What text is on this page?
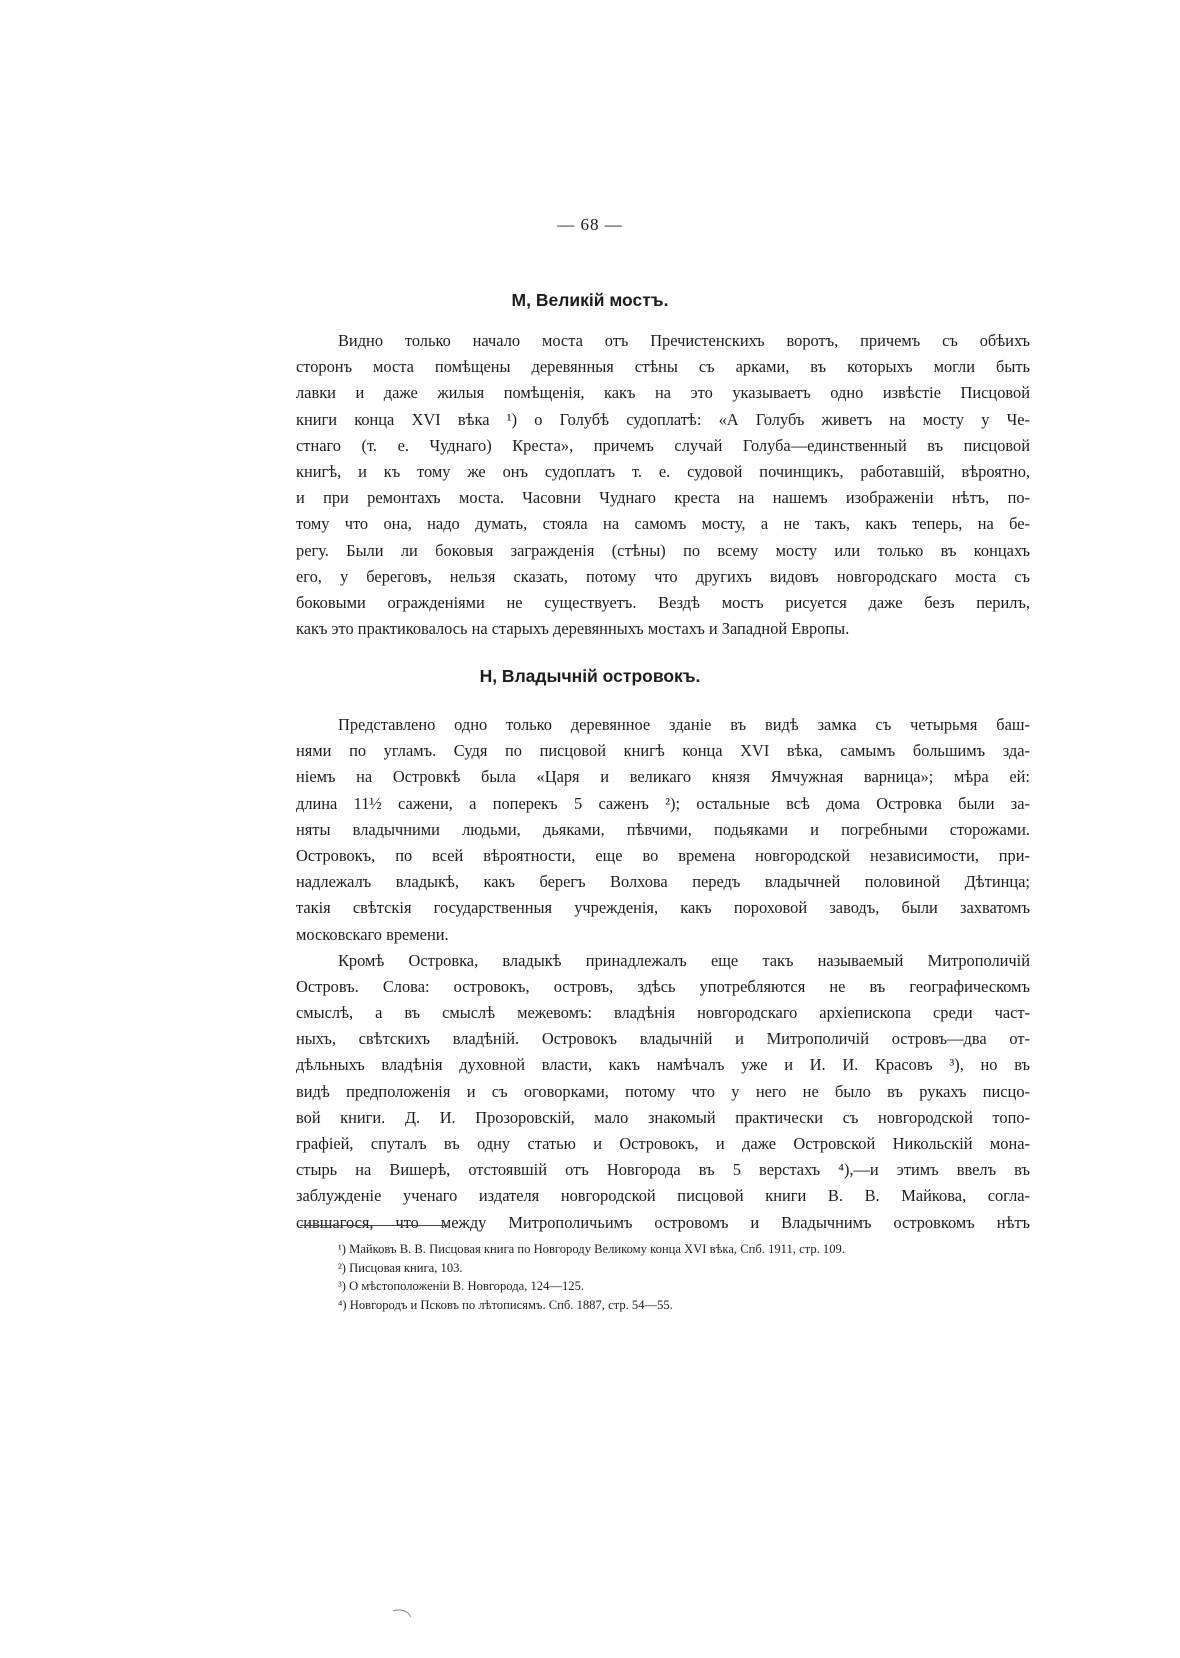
— 68 —
М, Великій мостъ.
Видно только начало моста отъ Пречистенскихъ воротъ, причемъ съ обѣихъ
сторонъ моста помѣщены деревянныя стѣны съ арками, въ которыхъ могли быть
лавки и даже жилыя помѣщенія, какъ на это указываетъ одно извѣстіе Писцовой
книги конца XVI вѣка ¹) о Голубѣ судоплатѣ: «А Голубъ живетъ на мосту у Че-
стнаго (т. е. Чуднаго) Креста», причемъ случай Голуба—единственный въ писцовой
книгѣ, и къ тому же онъ судоплатъ т. е. судовой починщикъ, работавшій, вѣроятно,
и при ремонтахъ моста. Часовни Чуднаго креста на нашемъ изображеніи нѣтъ, по-
тому что она, надо думать, стояла на самомъ мосту, а не такъ, какъ теперь, на бе-
регу. Были ли боковыя загражденія (стѣны) по всему мосту или только въ концахъ
его, у береговъ, нельзя сказать, потому что другихъ видовъ новгородскаго моста съ
боковыми огражденіями не существуетъ. Вездѣ мостъ рисуется даже безъ перилъ,
какъ это практиковалось на старыхъ деревянныхъ мостахъ и Западной Европы.
Н, Владычній островокъ.
Представлено одно только деревянное зданіе въ видѣ замка съ четырьмя баш-
нями по угламъ. Судя по писцовой книгѣ конца XVI вѣка, самымъ большимъ зда-
ніемъ на Островкѣ была «Царя и великаго князя Ямчужная варница»; мѣра ей:
длина 11½ сажени, а поперекъ 5 саженъ ²); остальные всѣ дома Островка были за-
няты владычними людьми, дьяками, пѣвчими, подьяками и погребными сторожами.
Островокъ, по всей вѣроятности, еще во времена новгородской независимости, при-
надлежалъ владыкѣ, какъ берегъ Волхова передъ владычней половиной Дѣтинца;
такія свѣтскія государственныя учрежденія, какъ пороховой заводъ, были захватомъ
московскаго времени.
Кромѣ Островка, владыкѣ принадлежалъ еще такъ называемый Митрополичій
Островъ. Слова: островокъ, островъ, здѣсь употребляются не въ географическомъ
смыслѣ, а въ смыслѣ межевомъ: владѣнія новгородскаго архіепископа среди част-
ныхъ, свѣтскихъ владѣній. Островокъ владычній и Митрополичій островъ—два от-
дѣльныхъ владѣнія духовной власти, какъ намѣчалъ уже и И. И. Красовъ ³), но въ
видѣ предположенія и съ оговорками, потому что у него не было въ рукахъ писцо-
вой книги. Д. И. Прозоровскій, мало знакомый практически съ новгородской топо-
графіей, спуталъ въ одну статью и Островокъ, и даже Островской Никольскій мона-
стырь на Вишерѣ, отстоявшій отъ Новгорода въ 5 верстахъ ⁴),—и этимъ ввелъ въ
заблужденіе ученаго издателя новгородской писцовой книги В. В. Майкова, согла-
сившагося, что между Митрополичьимъ островомъ и Владычнимъ островкомъ нѣтъ
¹) Майковъ В. В. Писцовая книга по Новгороду Великому конца XVI вѣка, Спб. 1911, стр. 109.
²) Писцовая книга, 103.
³) О мѣстоположеніи В. Новгорода, 124—125.
⁴) Новгородъ и Псковъ по лѣтописямъ. Спб. 1887, стр. 54—55.
